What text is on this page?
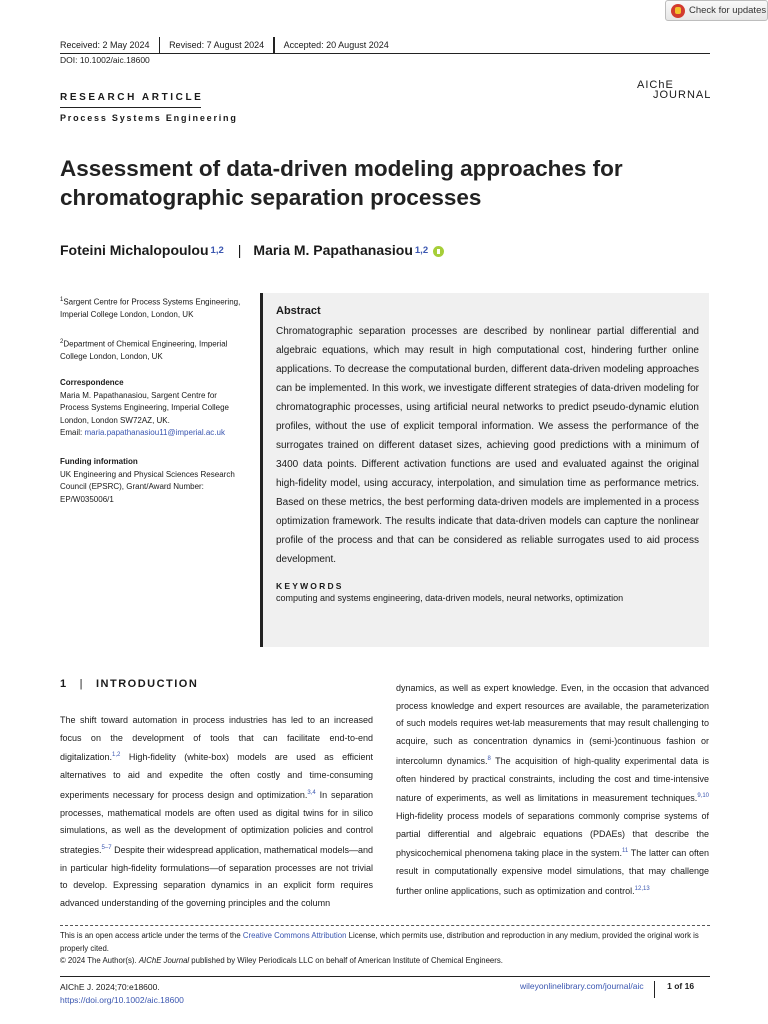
Check for updates
Received: 2 May 2024 Revised: 7 August 2024 Accepted: 20 August 2024
DOI: 10.1002/aic.18600
AIChE
JOURNAL
RESEARCH ARTICLE
Process Systems Engineering
Assessment of data-driven modeling approaches for chromatographic separation processes
Foteini Michalopoulou 1,2 | Maria M. Papathanasiou 1,2
$^1$Sargent Centre for Process Systems Engineering, Imperial College London, London, UK
$^2$Department of Chemical Engineering, Imperial College London, London, UK
Correspondence
Maria M. Papathanasiou, Sargent Centre for Process Systems Engineering, Imperial College London, London SW72AZ, UK.
Email: maria.papathanasiou11@imperial.ac.uk
Funding information
UK Engineering and Physical Sciences Research Council (EPSRC), Grant/Award Number: EP/W035006/1
Abstract

Chromatographic separation processes are described by nonlinear partial differential and algebraic equations, which may result in high computational cost, hindering further online applications. To decrease the computational burden, different data-driven modeling approaches can be implemented. In this work, we investigate different strategies of data-driven modeling for chromatographic processes, using artificial neural networks to predict pseudo-dynamic elution profiles, without the use of explicit temporal information. We assess the performance of the surrogates trained on different dataset sizes, achieving good predictions with a minimum of 3400 data points. Different activation functions are used and evaluated against the original high-fidelity model, using accuracy, interpolation, and simulation time as performance metrics. Based on these metrics, the best performing data-driven models are implemented in a process optimization framework. The results indicate that data-driven models can capture the nonlinear profile of the process and that can be considered as reliable surrogates used to aid process development.

KEYWORDS
computing and systems engineering, data-driven models, neural networks, optimization
1 | INTRODUCTION

The shift toward automation in process industries has led to an increased focus on the development of tools that can facilitate end-to-end digitalization.$^{1,2}$ High-fidelity (white-box) models are used as efficient alternatives to aid and expedite the often costly and time-consuming experiments necessary for process design and optimization.$^{3,4}$ In separation processes, mathematical models are often used as digital twins for in silico simulations, as well as the development of optimization policies and control strategies.$^{5-7}$ Despite their widespread application, mathematical models—and in particular high-fidelity formulations—of separation processes are not trivial to develop. Expressing separation dynamics in an explicit form requires advanced understanding of the governing principles and the column

dynamics, as well as expert knowledge. Even, in the occasion that advanced process knowledge and expert resources are available, the parameterization of such models requires wet-lab measurements that may result challenging to acquire, such as concentration dynamics in (semi-)continuous fashion or intercolumn dynamics.$^8$ The acquisition of high-quality experimental data is often hindered by practical constraints, including the cost and time-intensive nature of experiments, as well as limitations in measurement techniques.$^{9,10}$ High-fidelity process models of separations commonly comprise systems of partial differential and algebraic equations (PDAEs) that describe the physicochemical phenomena taking place in the system.$^{11}$ The latter can often result in computationally expensive model simulations, that may challenge further online applications, such as optimization and control.$^{12,13}$

This is an open access article under the terms of the Creative Commons Attribution License, which permits use, distribution and reproduction in any medium, provided the original work is properly cited.
© 2024 The Author(s). AIChE Journal published by Wiley Periodicals LLC on behalf of American Institute of Chemical Engineers.
AIChE J. 2024;70:e18600.
https://doi.org/10.1002/aic.18600
wileyonlinelibrary.com/journal/aic	1 of 16
